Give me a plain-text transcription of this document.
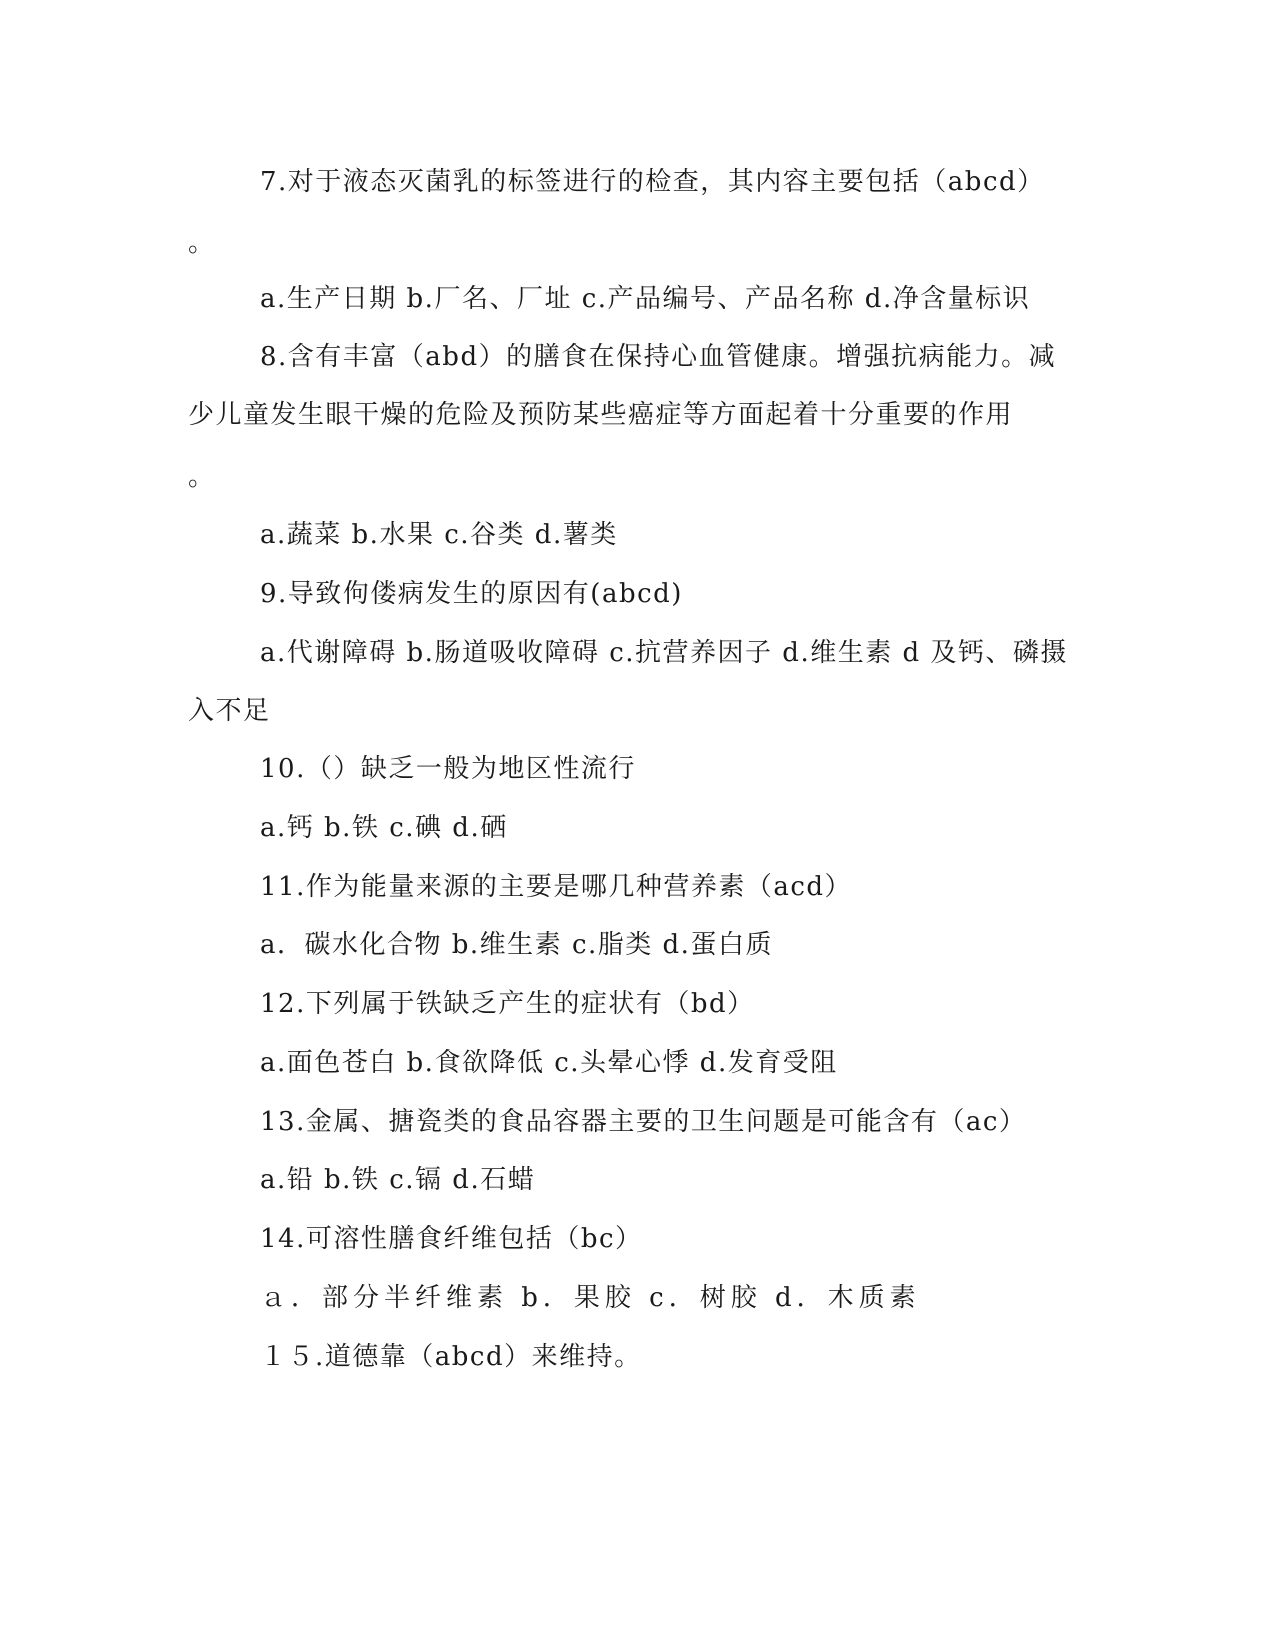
7.对于液态灭菌乳的标签进行的检查，其内容主要包括（abcd）
。
a.生产日期 b.厂名、厂址 c.产品编号、产品名称 d.净含量标识
8.含有丰富（abd）的膳食在保持心血管健康。增强抗病能力。减
少儿童发生眼干燥的危险及预防某些癌症等方面起着十分重要的作用
。
a.蔬菜 b.水果 c.谷类 d.薯类
9.导致佝偻病发生的原因有(abcd)
a.代谢障碍 b.肠道吸收障碍 c.抗营养因子 d.维生素 d 及钙、磷摄
入不足
10.（）缺乏一般为地区性流行
a.钙 b.铁 c.碘 d.硒
11.作为能量来源的主要是哪几种营养素（acd）
a．碳水化合物 b.维生素 c.脂类 d.蛋白质
12.下列属于铁缺乏产生的症状有（bd）
a.面色苍白 b.食欲降低 c.头晕心悸 d.发育受阻
13.金属、搪瓷类的食品容器主要的卫生问题是可能含有（ac）
a.铅 b.铁 c.镉 d.石蜡
14.可溶性膳食纤维包括（bc）
ａ．部分半纤维素 b．果胶 c．树胶 d．木质素
１５.道德靠（abcd）来维持。
